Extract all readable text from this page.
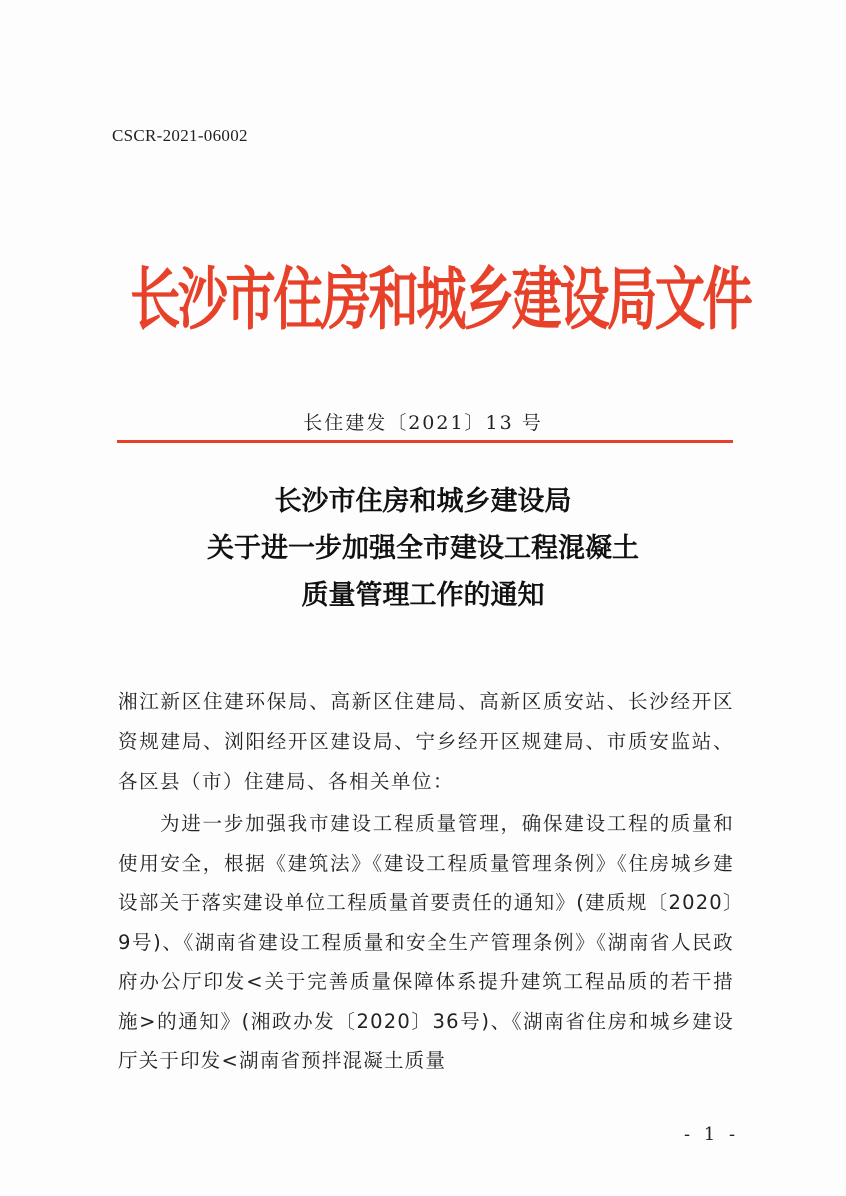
CSCR-2021-06002
长沙市住房和城乡建设局文件
长住建发〔2021〕13 号
长沙市住房和城乡建设局
关于进一步加强全市建设工程混凝土
质量管理工作的通知
湘江新区住建环保局、高新区住建局、高新区质安站、长沙经开区资规建局、浏阳经开区建设局、宁乡经开区规建局、市质安监站、各区县（市）住建局、各相关单位：
为进一步加强我市建设工程质量管理，确保建设工程的质量和使用安全，根据《建筑法》《建设工程质量管理条例》《住房城乡建设部关于落实建设单位工程质量首要责任的通知》(建质规〔2020〕9号)、《湖南省建设工程质量和安全生产管理条例》《湖南省人民政府办公厅印发<关于完善质量保障体系提升建筑工程品质的若干措施>的通知》(湘政办发〔2020〕36号)、《湖南省住房和城乡建设厅关于印发<湖南省预拌混凝土质量
- 1 -
